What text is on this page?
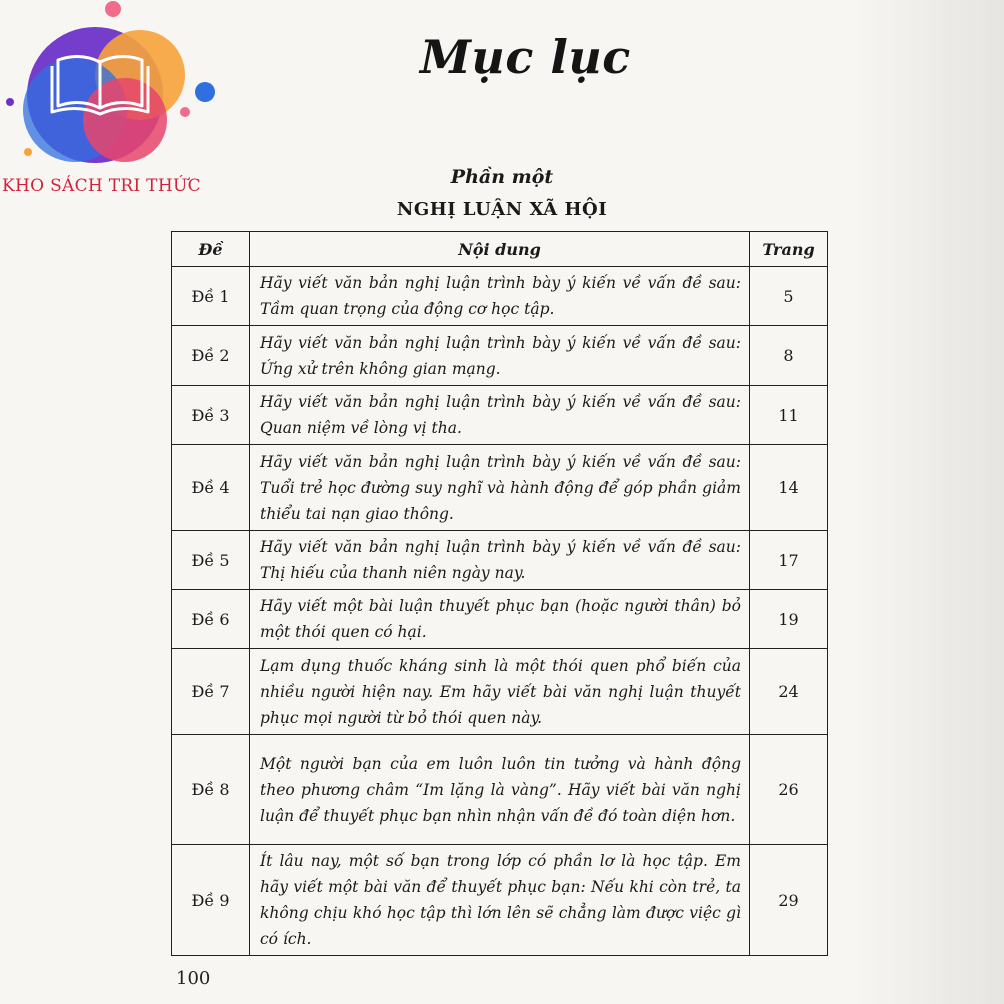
KHO SÁCH TRI THỨC
Mục lục
Phần một
NGHỊ LUẬN XÃ HỘI
Đề	Nội dung	Trang
Đề 1	Hãy viết văn bản nghị luận trình bày ý kiến về vấn đề sau: Tầm quan trọng của động cơ học tập.	5
Đề 2	Hãy viết văn bản nghị luận trình bày ý kiến về vấn đề sau: Ứng xử trên không gian mạng.	8
Đề 3	Hãy viết văn bản nghị luận trình bày ý kiến về vấn đề sau: Quan niệm về lòng vị tha.	11
Đề 4	Hãy viết văn bản nghị luận trình bày ý kiến về vấn đề sau: Tuổi trẻ học đường suy nghĩ và hành động để góp phần giảm thiểu tai nạn giao thông.	14
Đề 5	Hãy viết văn bản nghị luận trình bày ý kiến về vấn đề sau: Thị hiếu của thanh niên ngày nay.	17
Đề 6	Hãy viết một bài luận thuyết phục bạn (hoặc người thân) bỏ một thói quen có hại.	19
Đề 7	Lạm dụng thuốc kháng sinh là một thói quen phổ biến của nhiều người hiện nay. Em hãy viết bài văn nghị luận thuyết phục mọi người từ bỏ thói quen này.	24
Đề 8	Một người bạn của em luôn luôn tin tưởng và hành động theo phương châm “Im lặng là vàng”. Hãy viết bài văn nghị luận để thuyết phục bạn nhìn nhận vấn đề đó toàn diện hơn.	26
Đề 9	Ít lâu nay, một số bạn trong lớp có phần lơ là học tập. Em hãy viết một bài văn để thuyết phục bạn: Nếu khi còn trẻ, ta không chịu khó học tập thì lớn lên sẽ chẳng làm được việc gì có ích.	29
100
